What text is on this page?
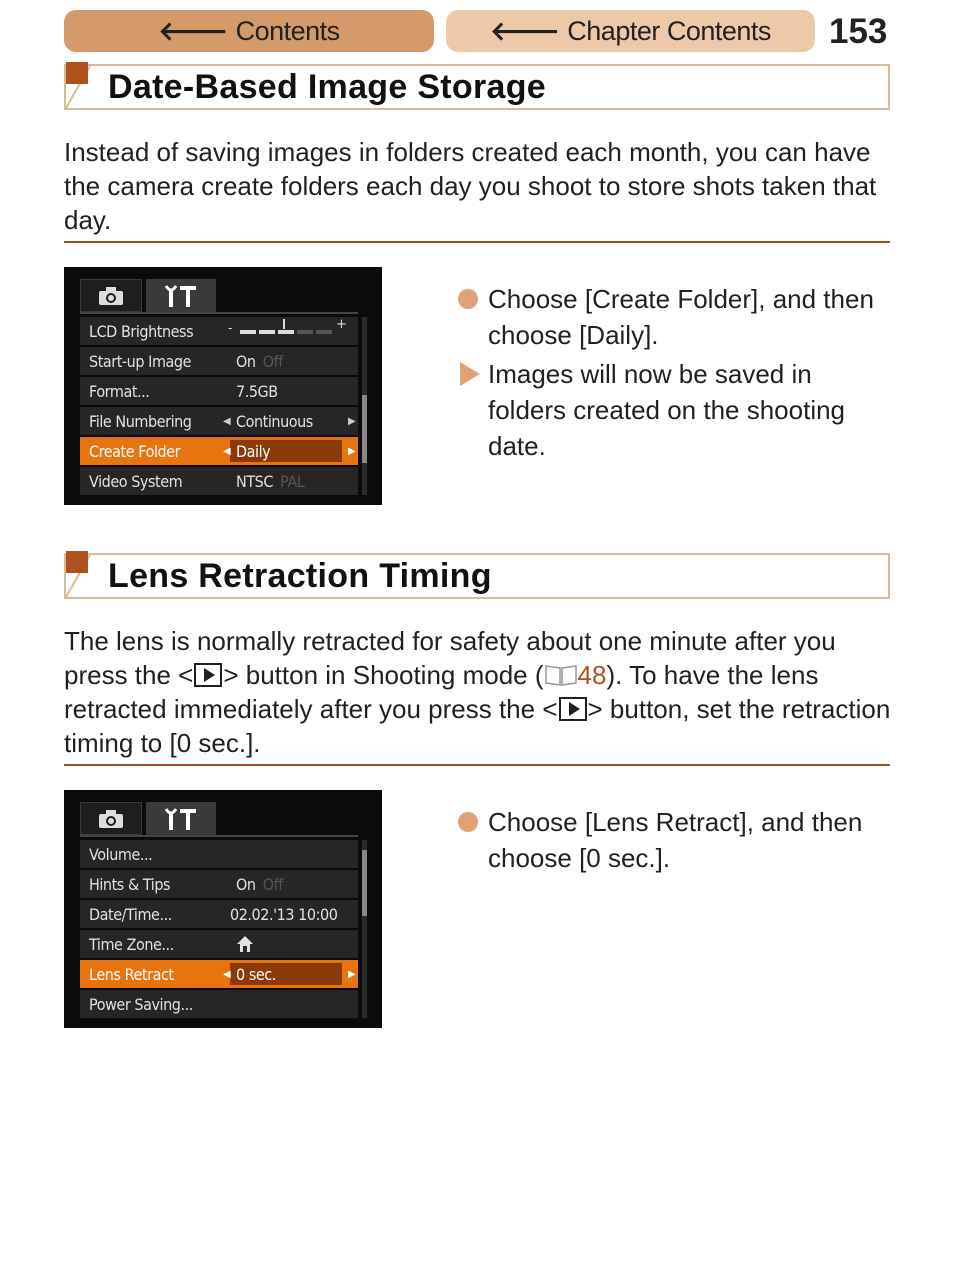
🡐 Contents	🡐 Chapter Contents 153
Date-Based Image Storage
Instead of saving images in folders created each month, you can have the camera create folders each day you shoot to store shots taken that day.
LCD Brightness	-	+
Start-up Image	On Off
Format...	7.5GB
◀
File Numbering	Continuous	▶
◀
Create Folder	Daily	▶
Video System	NTSC PAL
Choose [Create Folder], and then choose [Daily].
Images will now be saved in folders created on the shooting date.
Lens Retraction Timing
The lens is normally retracted for safety about one minute after you press the < > button in Shooting mode ( 48). To have the lens retracted immediately after you press the < > button, set the retraction timing to [0 sec.].
Volume...
Hints & Tips	On Off
Date/Time...	02.02.'13 10:00
Time Zone...
◀
Lens Retract	0 sec.	▶
Power Saving...
Choose [Lens Retract], and then choose [0 sec.].
